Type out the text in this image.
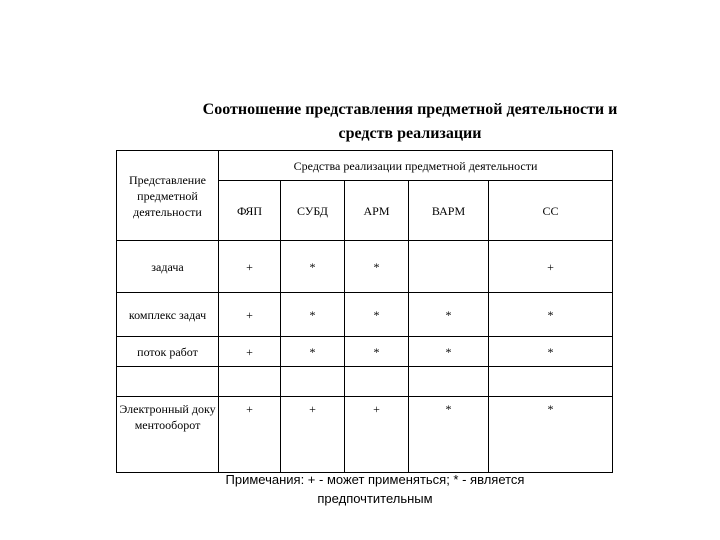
Соотношение представления предметной деятельности и
средств реализации
Представление предметной деятельности	Средства реализации предметной деятельности				
	ФЯП	СУБД	АРМ	ВАРМ	СС
задача	+	*	*		+
комплекс задач	+	*	*	*	*
поток работ	+	*	*	*	*

Электронный документооборот	+	+	+	*	*
Примечания: + - может применяться; * - является
предпочтительным
